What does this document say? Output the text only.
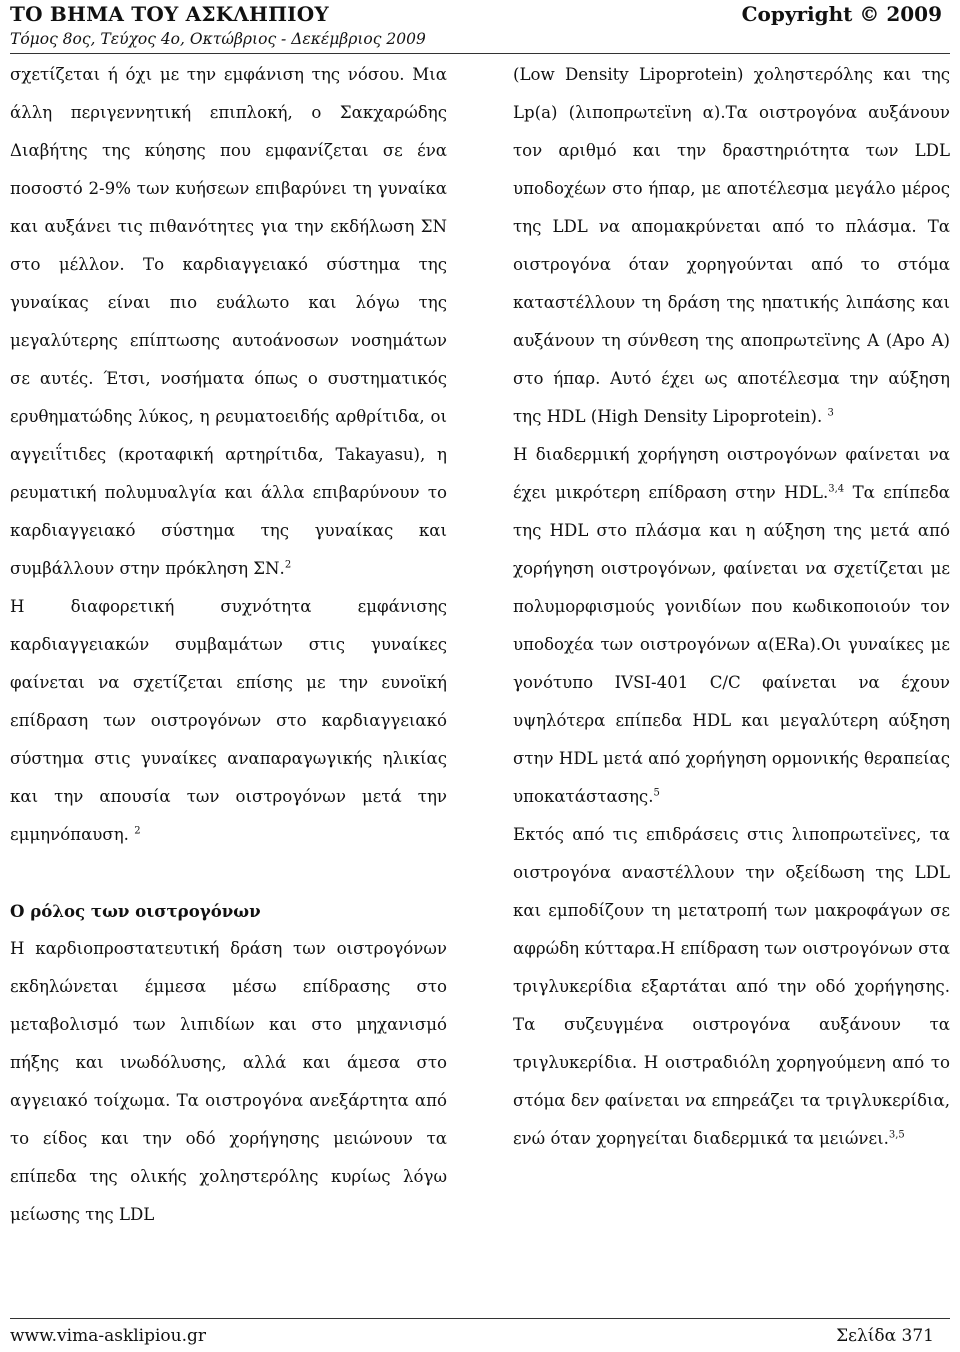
ΤΟ ΒΗΜΑ ΤΟΥ ΑΣΚΛΗΠΙΟΥ	Copyright © 2009
Τόμος 8ος, Τεύχος 4ο, Οκτώβριος - Δεκέμβριος 2009

σχετίζεται ή όχι με την εμφάνιση της νόσου. Μια άλλη περιγεννητική επιπλοκή, ο Σακχαρώδης Διαβήτης της κύησης που εμφανίζεται σε ένα ποσοστό 2-9% των κυήσεων επιβαρύνει τη γυναίκα και αυξάνει τις πιθανότητες για την εκδήλωση ΣΝ στο μέλλον. Το καρδιαγγειακό σύστημα της γυναίκας είναι πιο ευάλωτο και λόγω της μεγαλύτερης επίπτωσης αυτοάνοσων νοσημάτων σε αυτές. Έτσι, νοσήματα όπως ο συστηματικός ερυθηματώδης λύκος, η ρευματοειδής αρθρίτιδα, οι αγγειΐτιδες (κροταφική αρτηρίτιδα, Takayasu), η ρευματική πολυμυαλγία και άλλα επιβαρύνουν το καρδιαγγειακό σύστημα της γυναίκας και συμβάλλουν στην πρόκληση ΣΝ.$^2$

Η διαφορετική συχνότητα εμφάνισης καρδιαγγειακών συμβαμάτων στις γυναίκες φαίνεται να σχετίζεται επίσης με την ευνοϊκή επίδραση των οιστρογόνων στο καρδιαγγειακό σύστημα στις γυναίκες αναπαραγωγικής ηλικίας και την απουσία των οιστρογόνων μετά την εμμηνόπαυση. $^2$

Ο ρόλος των οιστρογόνων

Η καρδιοπροστατευτική δράση των οιστρογόνων εκδηλώνεται έμμεσα μέσω επίδρασης στο μεταβολισμό των λιπιδίων και στο μηχανισμό πήξης και ινωδόλυσης, αλλά και άμεσα στο αγγειακό τοίχωμα. Τα οιστρογόνα ανεξάρτητα από το είδος και την οδό χορήγησης μειώνουν τα επίπεδα της ολικής χοληστερόλης κυρίως λόγω μείωσης της LDL

(Low Density Lipoprotein) χοληστερόλης και της Lp(a) (λιποπρωτεϊνη α).Τα οιστρογόνα αυξάνουν τον αριθμό και την δραστηριότητα των LDL υποδοχέων στο ήπαρ, με αποτέλεσμα μεγάλο μέρος της LDL να απομακρύνεται από το πλάσμα. Τα οιστρογόνα όταν χορηγούνται από το στόμα καταστέλλουν τη δράση της ηπατικής λιπάσης και αυξάνουν τη σύνθεση της αποπρωτεϊνης Α (Apo A) στο ήπαρ. Αυτό έχει ως αποτέλεσμα την αύξηση της HDL (High Density Lipoprotein). $^3$

Η διαδερμική χορήγηση οιστρογόνων φαίνεται να έχει μικρότερη επίδραση στην HDL.$^{3,4}$ Τα επίπεδα της HDL στο πλάσμα και η αύξηση της μετά από χορήγηση οιστρογόνων, φαίνεται να σχετίζεται με πολυμορφισμούς γονιδίων που κωδικοποιούν τον υποδοχέα των οιστρογόνων α(ERa).Οι γυναίκες με γονότυπο IVSI-401 C/C φαίνεται να έχουν υψηλότερα επίπεδα HDL και μεγαλύτερη αύξηση στην HDL μετά από χορήγηση ορμονικής θεραπείας υποκατάστασης.$^5$

Εκτός από τις επιδράσεις στις λιποπρωτεϊνες, τα οιστρογόνα αναστέλλουν την οξείδωση της LDL και εμποδίζουν τη μετατροπή των μακροφάγων σε αφρώδη κύτταρα.Η επίδραση των οιστρογόνων στα τριγλυκερίδια εξαρτάται από την οδό χορήγησης. Τα συζευγμένα οιστρογόνα αυξάνουν τα τριγλυκερίδια. Η οιστραδιόλη χορηγούμενη από το στόμα δεν φαίνεται να επηρεάζει τα τριγλυκερίδια, ενώ όταν χορηγείται διαδερμικά τα μειώνει.$^{3,5}$

www.vima-asklipiou.gr	Σελίδα 371
